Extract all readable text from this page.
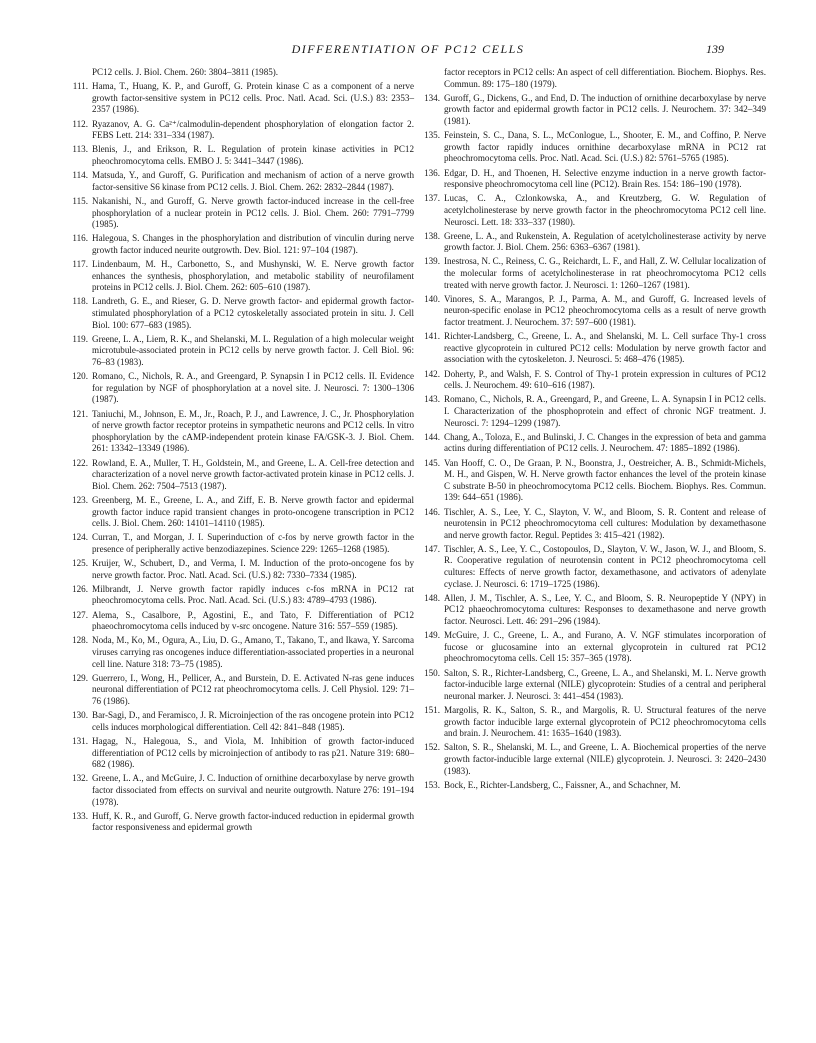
DIFFERENTIATION OF PC12 CELLS	139

PC12 cells. J. Biol. Chem. 260: 3804–3811 (1985).

111. Hama, T., Huang, K. P., and Guroff, G. Protein kinase C as a component of a nerve growth factor-sensitive system in PC12 cells. Proc. Natl. Acad. Sci. (U.S.) 83: 2353–2357 (1986).

112. Ryazanov, A. G. Ca²⁺/calmodulin-dependent phosphorylation of elongation factor 2. FEBS Lett. 214: 331–334 (1987).

113. Blenis, J., and Erikson, R. L. Regulation of protein kinase activities in PC12 pheochromocytoma cells. EMBO J. 5: 3441–3447 (1986).

114. Matsuda, Y., and Guroff, G. Purification and mechanism of action of a nerve growth factor-sensitive S6 kinase from PC12 cells. J. Biol. Chem. 262: 2832–2844 (1987).

115. Nakanishi, N., and Guroff, G. Nerve growth factor-induced increase in the cell-free phosphorylation of a nuclear protein in PC12 cells. J. Biol. Chem. 260: 7791–7799 (1985).

116. Halegoua, S. Changes in the phosphorylation and distribution of vinculin during nerve growth factor induced neurite outgrowth. Dev. Biol. 121: 97–104 (1987).

117. Lindenbaum, M. H., Carbonetto, S., and Mushynski, W. E. Nerve growth factor enhances the synthesis, phosphorylation, and metabolic stability of neurofilament proteins in PC12 cells. J. Biol. Chem. 262: 605–610 (1987).

118. Landreth, G. E., and Rieser, G. D. Nerve growth factor- and epidermal growth factor-stimulated phosphorylation of a PC12 cytoskeletally associated protein in situ. J. Cell Biol. 100: 677–683 (1985).

119. Greene, L. A., Liem, R. K., and Shelanski, M. L. Regulation of a high molecular weight microtubule-associated protein in PC12 cells by nerve growth factor. J. Cell Biol. 96: 76–83 (1983).

120. Romano, C., Nichols, R. A., and Greengard, P. Synapsin I in PC12 cells. II. Evidence for regulation by NGF of phosphorylation at a novel site. J. Neurosci. 7: 1300–1306 (1987).

121. Taniuchi, M., Johnson, E. M., Jr., Roach, P. J., and Lawrence, J. C., Jr. Phosphorylation of nerve growth factor receptor proteins in sympathetic neurons and PC12 cells. In vitro phosphorylation by the cAMP-independent protein kinase FA/GSK-3. J. Biol. Chem. 261: 13342–13349 (1986).

122. Rowland, E. A., Muller, T. H., Goldstein, M., and Greene, L. A. Cell-free detection and characterization of a novel nerve growth factor-activated protein kinase in PC12 cells. J. Biol. Chem. 262: 7504–7513 (1987).

123. Greenberg, M. E., Greene, L. A., and Ziff, E. B. Nerve growth factor and epidermal growth factor induce rapid transient changes in proto-oncogene transcription in PC12 cells. J. Biol. Chem. 260: 14101–14110 (1985).

124. Curran, T., and Morgan, J. I. Superinduction of c-fos by nerve growth factor in the presence of peripherally active benzodiazepines. Science 229: 1265–1268 (1985).

125. Kruijer, W., Schubert, D., and Verma, I. M. Induction of the proto-oncogene fos by nerve growth factor. Proc. Natl. Acad. Sci. (U.S.) 82: 7330–7334 (1985).

126. Milbrandt, J. Nerve growth factor rapidly induces c-fos mRNA in PC12 rat pheochromocytoma cells. Proc. Natl. Acad. Sci. (U.S.) 83: 4789–4793 (1986).

127. Alema, S., Casalbore, P., Agostini, E., and Tato, F. Differentiation of PC12 phaeochromocytoma cells induced by v-src oncogene. Nature 316: 557–559 (1985).

128. Noda, M., Ko, M., Ogura, A., Liu, D. G., Amano, T., Takano, T., and Ikawa, Y. Sarcoma viruses carrying ras oncogenes induce differentiation-associated properties in a neuronal cell line. Nature 318: 73–75 (1985).

129. Guerrero, I., Wong, H., Pellicer, A., and Burstein, D. E. Activated N-ras gene induces neuronal differentiation of PC12 rat pheochromocytoma cells. J. Cell Physiol. 129: 71–76 (1986).

130. Bar-Sagi, D., and Feramisco, J. R. Microinjection of the ras oncogene protein into PC12 cells induces morphological differentiation. Cell 42: 841–848 (1985).

131. Hagag, N., Halegoua, S., and Viola, M. Inhibition of growth factor-induced differentiation of PC12 cells by microinjection of antibody to ras p21. Nature 319: 680–682 (1986).

132. Greene, L. A., and McGuire, J. C. Induction of ornithine decarboxylase by nerve growth factor dissociated from effects on survival and neurite outgrowth. Nature 276: 191–194 (1978).

133. Huff, K. R., and Guroff, G. Nerve growth factor-induced reduction in epidermal growth factor responsiveness and epidermal growth

factor receptors in PC12 cells: An aspect of cell differentiation. Biochem. Biophys. Res. Commun. 89: 175–180 (1979).

134. Guroff, G., Dickens, G., and End, D. The induction of ornithine decarboxylase by nerve growth factor and epidermal growth factor in PC12 cells. J. Neurochem. 37: 342–349 (1981).

135. Feinstein, S. C., Dana, S. L., McConlogue, L., Shooter, E. M., and Coffino, P. Nerve growth factor rapidly induces ornithine decarboxylase mRNA in PC12 rat pheochromocytoma cells. Proc. Natl. Acad. Sci. (U.S.) 82: 5761–5765 (1985).

136. Edgar, D. H., and Thoenen, H. Selective enzyme induction in a nerve growth factor-responsive pheochromocytoma cell line (PC12). Brain Res. 154: 186–190 (1978).

137. Lucas, C. A., Czlonkowska, A., and Kreutzberg, G. W. Regulation of acetylcholinesterase by nerve growth factor in the pheochromocytoma PC12 cell line. Neurosci. Lett. 18: 333–337 (1980).

138. Greene, L. A., and Rukenstein, A. Regulation of acetylcholinesterase activity by nerve growth factor. J. Biol. Chem. 256: 6363–6367 (1981).

139. Inestrosa, N. C., Reiness, C. G., Reichardt, L. F., and Hall, Z. W. Cellular localization of the molecular forms of acetylcholinesterase in rat pheochromocytoma PC12 cells treated with nerve growth factor. J. Neurosci. 1: 1260–1267 (1981).

140. Vinores, S. A., Marangos, P. J., Parma, A. M., and Guroff, G. Increased levels of neuron-specific enolase in PC12 pheochromocytoma cells as a result of nerve growth factor treatment. J. Neurochem. 37: 597–600 (1981).

141. Richter-Landsberg, C., Greene, L. A., and Shelanski, M. L. Cell surface Thy-1 cross reactive glycoprotein in cultured PC12 cells: Modulation by nerve growth factor and association with the cytoskeleton. J. Neurosci. 5: 468–476 (1985).

142. Doherty, P., and Walsh, F. S. Control of Thy-1 protein expression in cultures of PC12 cells. J. Neurochem. 49: 610–616 (1987).

143. Romano, C., Nichols, R. A., Greengard, P., and Greene, L. A. Synapsin I in PC12 cells. I. Characterization of the phosphoprotein and effect of chronic NGF treatment. J. Neurosci. 7: 1294–1299 (1987).

144. Chang, A., Toloza, E., and Bulinski, J. C. Changes in the expression of beta and gamma actins during differentiation of PC12 cells. J. Neurochem. 47: 1885–1892 (1986).

145. Van Hooff, C. O., De Graan, P. N., Boonstra, J., Oestreicher, A. B., Schmidt-Michels, M. H., and Gispen, W. H. Nerve growth factor enhances the level of the protein kinase C substrate B-50 in pheochromocytoma PC12 cells. Biochem. Biophys. Res. Commun. 139: 644–651 (1986).

146. Tischler, A. S., Lee, Y. C., Slayton, V. W., and Bloom, S. R. Content and release of neurotensin in PC12 pheochromocytoma cell cultures: Modulation by dexamethasone and nerve growth factor. Regul. Peptides 3: 415–421 (1982).

147. Tischler, A. S., Lee, Y. C., Costopoulos, D., Slayton, V. W., Jason, W. J., and Bloom, S. R. Cooperative regulation of neurotensin content in PC12 pheochromocytoma cell cultures: Effects of nerve growth factor, dexamethasone, and activators of adenylate cyclase. J. Neurosci. 6: 1719–1725 (1986).

148. Allen, J. M., Tischler, A. S., Lee, Y. C., and Bloom, S. R. Neuropeptide Y (NPY) in PC12 phaeochromocytoma cultures: Responses to dexamethasone and nerve growth factor. Neurosci. Lett. 46: 291–296 (1984).

149. McGuire, J. C., Greene, L. A., and Furano, A. V. NGF stimulates incorporation of fucose or glucosamine into an external glycoprotein in cultured rat PC12 pheochromocytoma cells. Cell 15: 357–365 (1978).

150. Salton, S. R., Richter-Landsberg, C., Greene, L. A., and Shelanski, M. L. Nerve growth factor-inducible large external (NILE) glycoprotein: Studies of a central and peripheral neuronal marker. J. Neurosci. 3: 441–454 (1983).

151. Margolis, R. K., Salton, S. R., and Margolis, R. U. Structural features of the nerve growth factor inducible large external glycoprotein of PC12 pheochromocytoma cells and brain. J. Neurochem. 41: 1635–1640 (1983).

152. Salton, S. R., Shelanski, M. L., and Greene, L. A. Biochemical properties of the nerve growth factor-inducible large external (NILE) glycoprotein. J. Neurosci. 3: 2420–2430 (1983).

153. Bock, E., Richter-Landsberg, C., Faissner, A., and Schachner, M.
